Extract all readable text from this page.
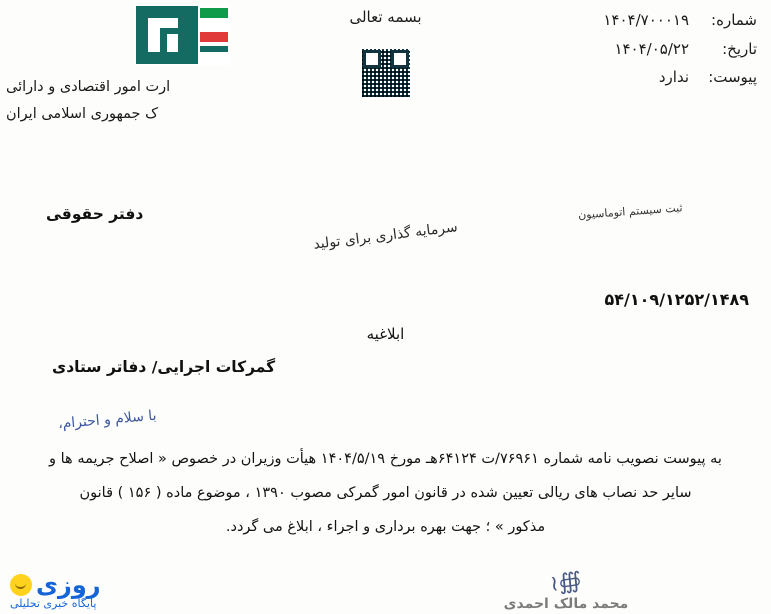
شماره:
۱۴۰۴/۷۰۰۰۱۹
تاریخ:
۱۴۰۴/۰۵/۲۲
پیوست:
ندارد
بسمه تعالی
ارت امور اقتصادی و دارائی
ک جمهوری اسلامی ایران
دفتر حقوقی
سرمایه گذاری برای تولید
ثبت سیستم اتوماسیون
۵۴/۱۰۹/۱۲۵۲/۱۴۸۹
ابلاغیه
گمرکات اجرایی/ دفاتر ستادی
با سلام و احترام،
به پیوست نصویب نامه شماره ۷۶۹۶۱/ت ۶۴۱۲۴هـ مورخ ۱۴۰۴/۵/۱۹ هیأت وزیران در خصوص « اصلاح جریمه ها و
سایر حد نصاب های ریالی تعیین شده در قانون امور گمرکی مصوب ۱۳۹۰ ، موضوع ماده ( ۱۵۶ ) قانون
مذکور » ؛ جهت بهره برداری و اجراء ، ابلاغ می گردد.
∰≀
محمد مالک احمدی
روزی
پایگاه خبری تحلیلی
